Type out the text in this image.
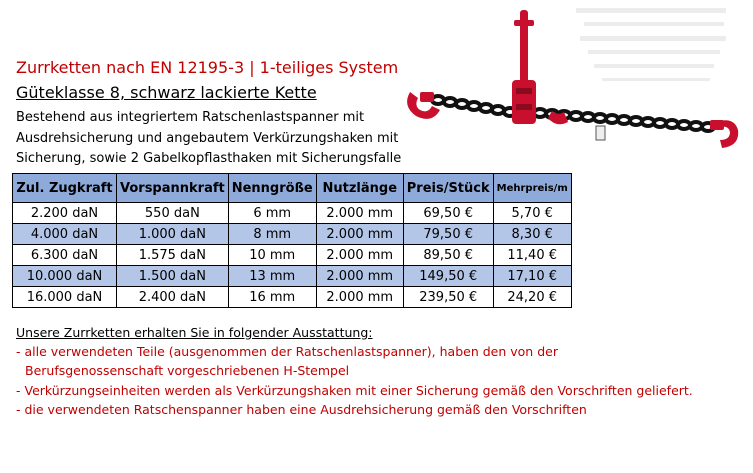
Zurrketten nach EN 12195-3 | 1-teiliges System
Güteklasse 8, schwarz lackierte Kette
Bestehend aus integriertem Ratschenlastspanner mit
Ausdrehsicherung und angebautem Verkürzungshaken mit
Sicherung, sowie 2 Gabelkopflasthaken mit Sicherungsfalle
Zul. Zugkraft	Vorspannkraft	Nenngröße	Nutzlänge	Preis/Stück	Mehrpreis/m
2.200 daN	550 daN	6 mm	2.000 mm	69,50 €	5,70 €
4.000 daN	1.000 daN	8 mm	2.000 mm	79,50 €	8,30 €
6.300 daN	1.575 daN	10 mm	2.000 mm	89,50 €	11,40 €
10.000 daN	1.500 daN	13 mm	2.000 mm	149,50 €	17,10 €
16.000 daN	2.400 daN	16 mm	2.000 mm	239,50 €	24,20 €
Unsere Zurrketten erhalten Sie in folgender Ausstattung:
- alle verwendeten Teile (ausgenommen der Ratschenlastspanner), haben den von der
Berufsgenossenschaft vorgeschriebenen H-Stempel
- Verkürzungseinheiten werden als Verkürzungshaken mit einer Sicherung gemäß den Vorschriften geliefert.
- die verwendeten Ratschenspanner haben eine Ausdrehsicherung gemäß den Vorschriften
